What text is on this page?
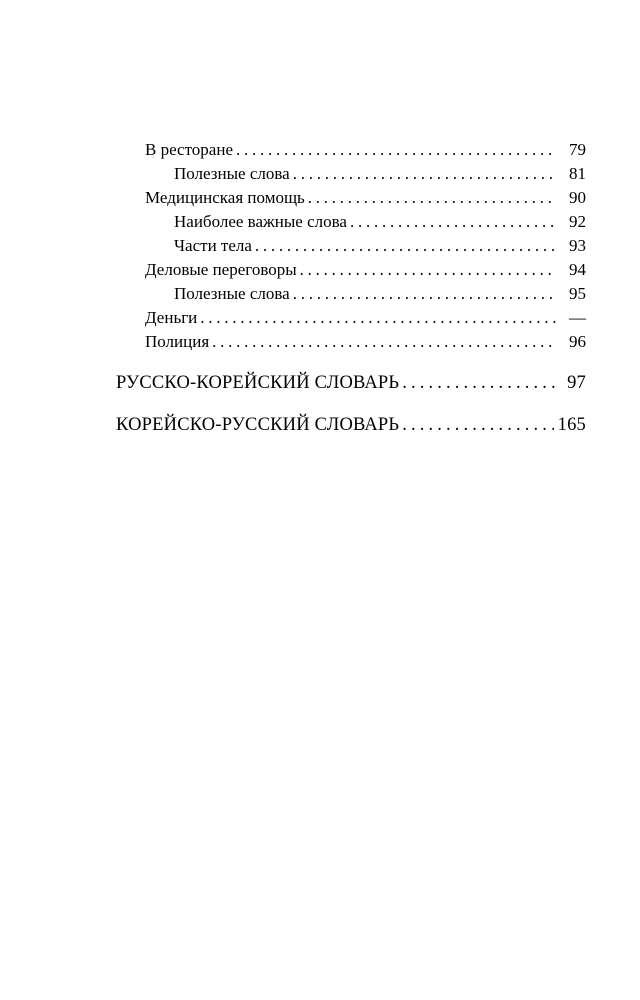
В ресторане . . .	79
Полезные слова . . .	81
Медицинская помощь . . .	90
Наиболее важные слова . . .	92
Части тела . . .	93
Деловые переговоры . . .	94
Полезные слова . . .	95
Деньги . . .	—
Полиция . . .	96
РУССКО-КОРЕЙСКИЙ СЛОВАРЬ . . .	97
КОРЕЙСКО-РУССКИЙ СЛОВАРЬ . . .	165
